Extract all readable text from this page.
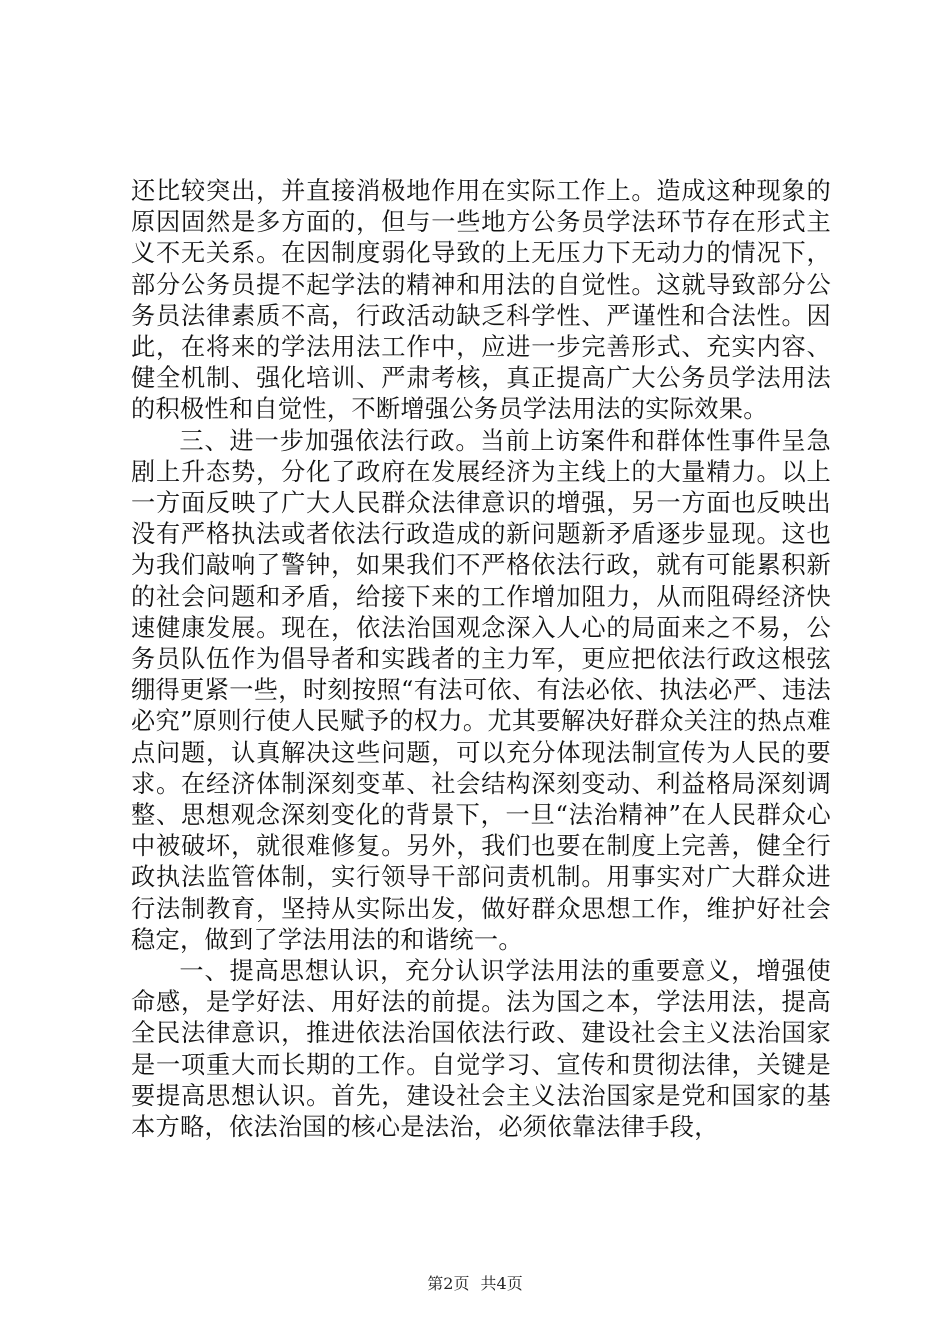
还比较突出，并直接消极地作用在实际工作上。造成这种现象的原因固然是多方面的，但与一些地方公务员学法环节存在形式主义不无关系。在因制度弱化导致的上无压力下无动力的情况下，部分公务员提不起学法的精神和用法的自觉性。这就导致部分公务员法律素质不高，行政活动缺乏科学性、严谨性和合法性。因此，在将来的学法用法工作中，应进一步完善形式、充实内容、健全机制、强化培训、严肃考核，真正提高广大公务员学法用法的积极性和自觉性，不断增强公务员学法用法的实际效果。

三、进一步加强依法行政。当前上访案件和群体性事件呈急剧上升态势，分化了政府在发展经济为主线上的大量精力。以上一方面反映了广大人民群众法律意识的增强，另一方面也反映出没有严格执法或者依法行政造成的新问题新矛盾逐步显现。这也为我们敲响了警钟，如果我们不严格依法行政，就有可能累积新的社会问题和矛盾，给接下来的工作增加阻力，从而阻碍经济快速健康发展。现在，依法治国观念深入人心的局面来之不易，公务员队伍作为倡导者和实践者的主力军，更应把依法行政这根弦绷得更紧一些，时刻按照“有法可依、有法必依、执法必严、违法必究”原则行使人民赋予的权力。尤其要解决好群众关注的热点难点问题，认真解决这些问题，可以充分体现法制宣传为人民的要求。在经济体制深刻变革、社会结构深刻变动、利益格局深刻调整、思想观念深刻变化的背景下，一旦“法治精神”在人民群众心中被破坏，就很难修复。另外，我们也要在制度上完善，健全行政执法监管体制，实行领导干部问责机制。用事实对广大群众进行法制教育，坚持从实际出发，做好群众思想工作，维护好社会稳定，做到了学法用法的和谐统一。

一、提高思想认识，充分认识学法用法的重要意义，增强使命感，是学好法、用好法的前提。法为国之本，学法用法，提高全民法律意识，推进依法治国依法行政、建设社会主义法治国家是一项重大而长期的工作。自觉学习、宣传和贯彻法律，关键是要提高思想认识。首先，建设社会主义法治国家是党和国家的基本方略，依法治国的核心是法治，必须依靠法律手段，

第2页 共4页
